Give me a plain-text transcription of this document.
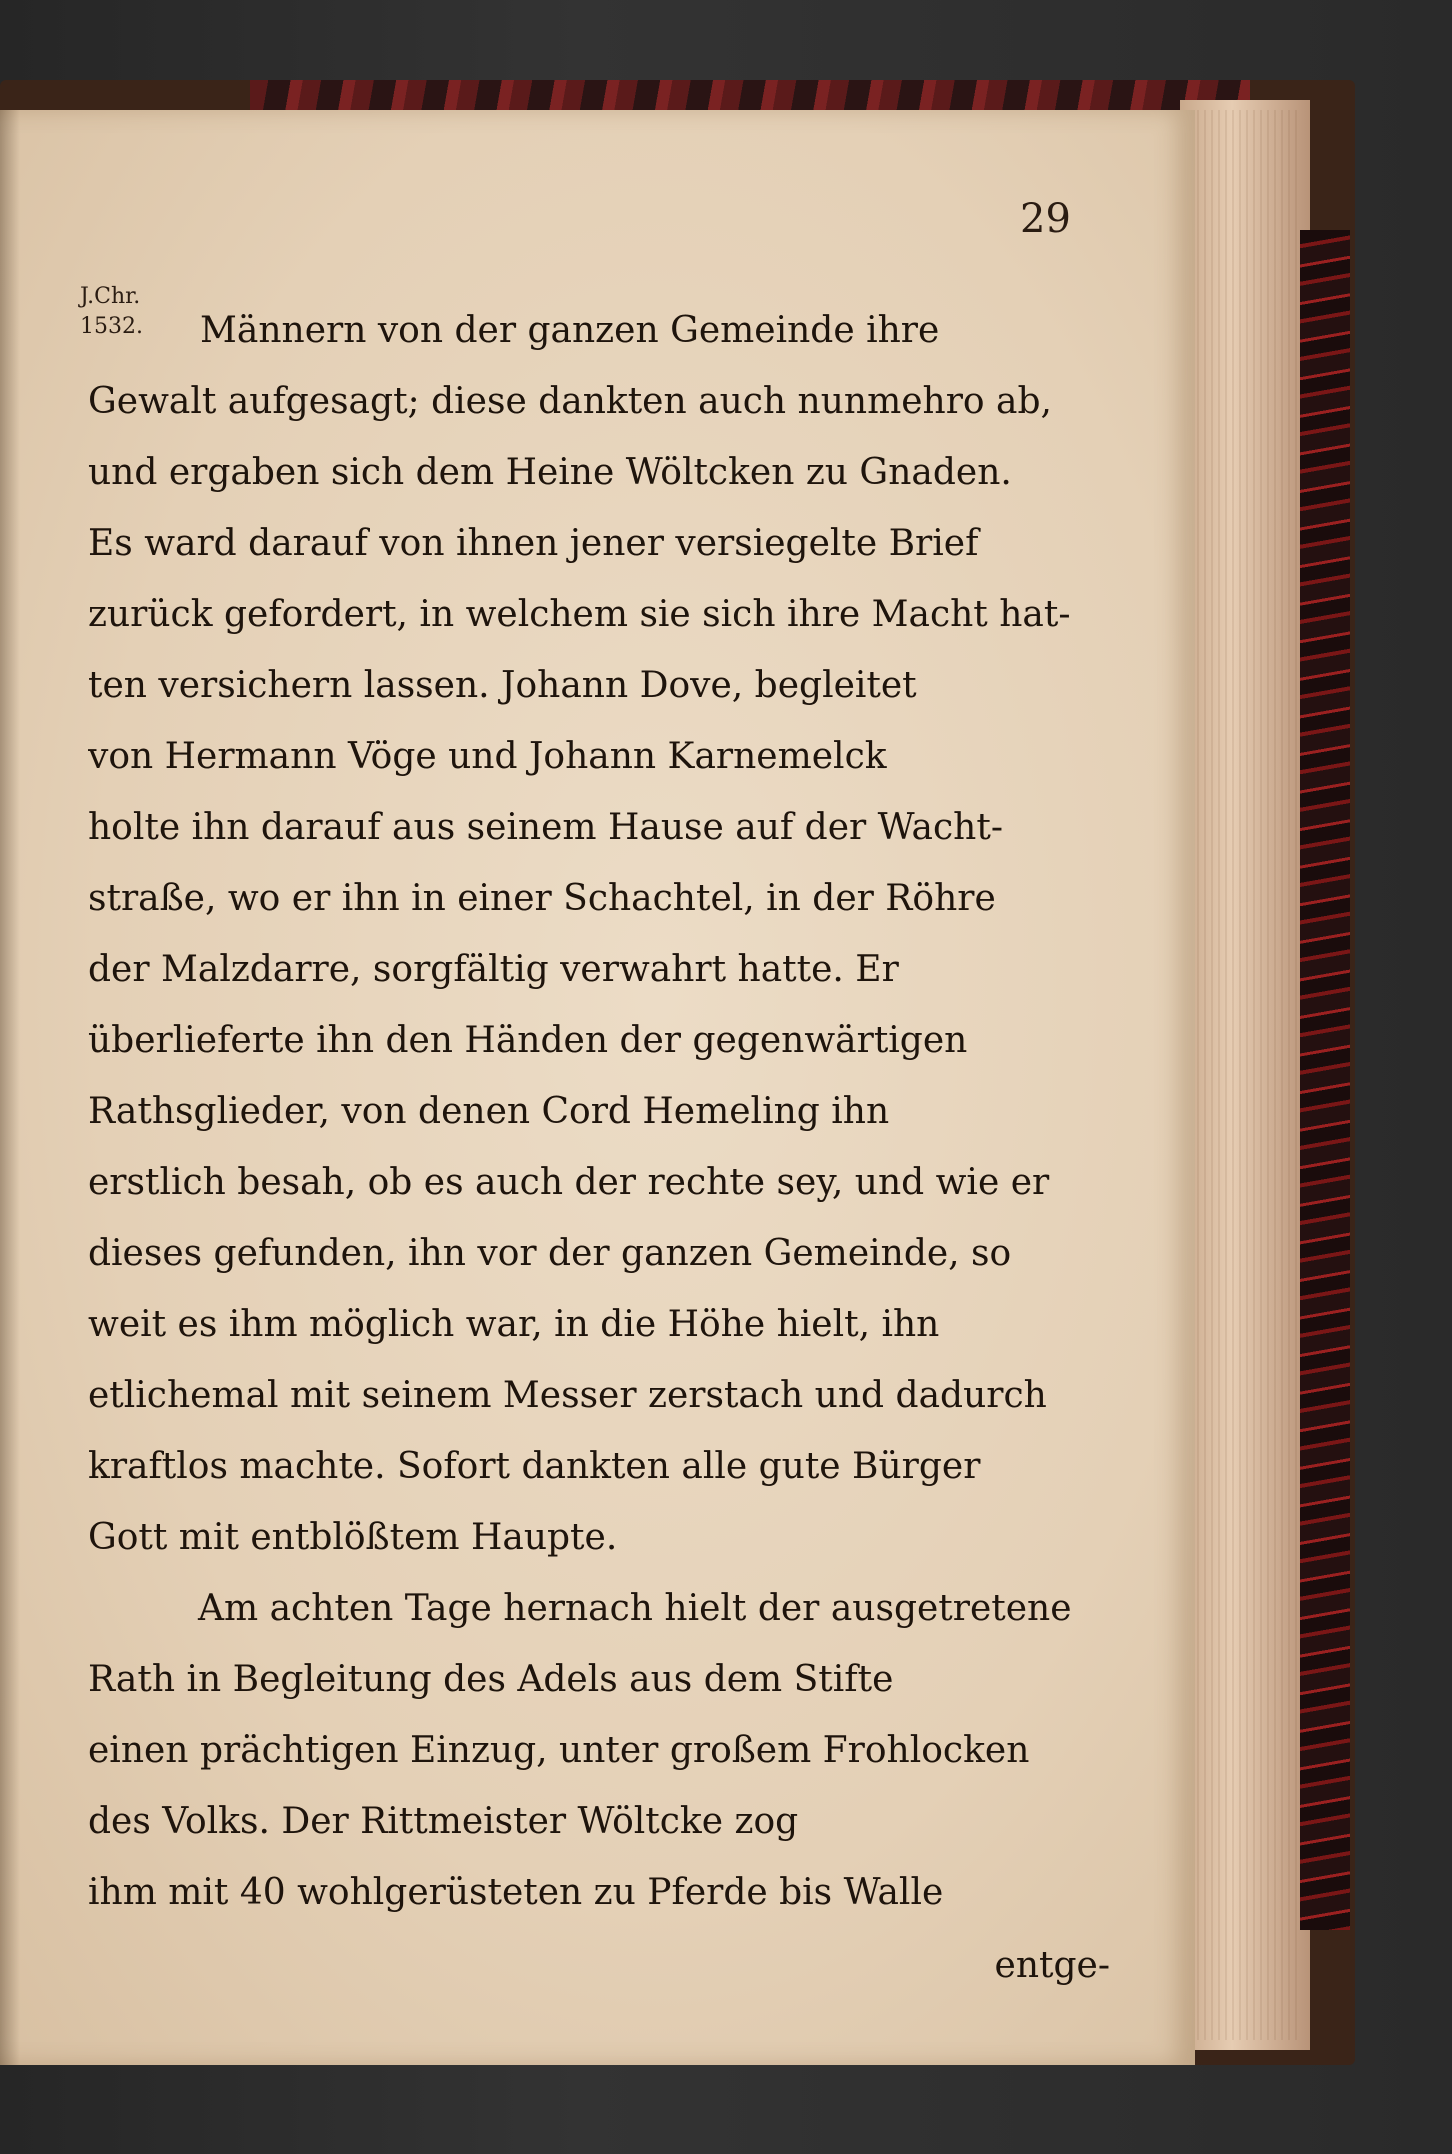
29
J.Chr.
1532.	Männern von der ganzen Gemeinde ihre
Gewalt aufgesagt; diese dankten auch nunmehro ab,
und ergaben sich dem Heine Wöltcken zu Gnaden.
Es ward darauf von ihnen jener versiegelte Brief
zurück gefordert, in welchem sie sich ihre Macht hat-
ten versichern lassen. Johann Dove, begleitet
von Hermann Vöge und Johann Karnemelck
holte ihn darauf aus seinem Hause auf der Wacht-
straße, wo er ihn in einer Schachtel, in der Röhre
der Malzdarre, sorgfältig verwahrt hatte. Er
überlieferte ihn den Händen der gegenwärtigen
Rathsglieder, von denen Cord Hemeling ihn
erstlich besah, ob es auch der rechte sey, und wie er
dieses gefunden, ihn vor der ganzen Gemeinde, so
weit es ihm möglich war, in die Höhe hielt, ihn
etlichemal mit seinem Messer zerstach und dadurch
kraftlos machte. Sofort dankten alle gute Bürger
Gott mit entblößtem Haupte.
Am achten Tage hernach hielt der ausgetretene
Rath in Begleitung des Adels aus dem Stifte
einen prächtigen Einzug, unter großem Frohlocken
des Volks. Der Rittmeister Wöltcke zog
ihm mit 40 wohlgerüsteten zu Pferde bis Walle
entge-
